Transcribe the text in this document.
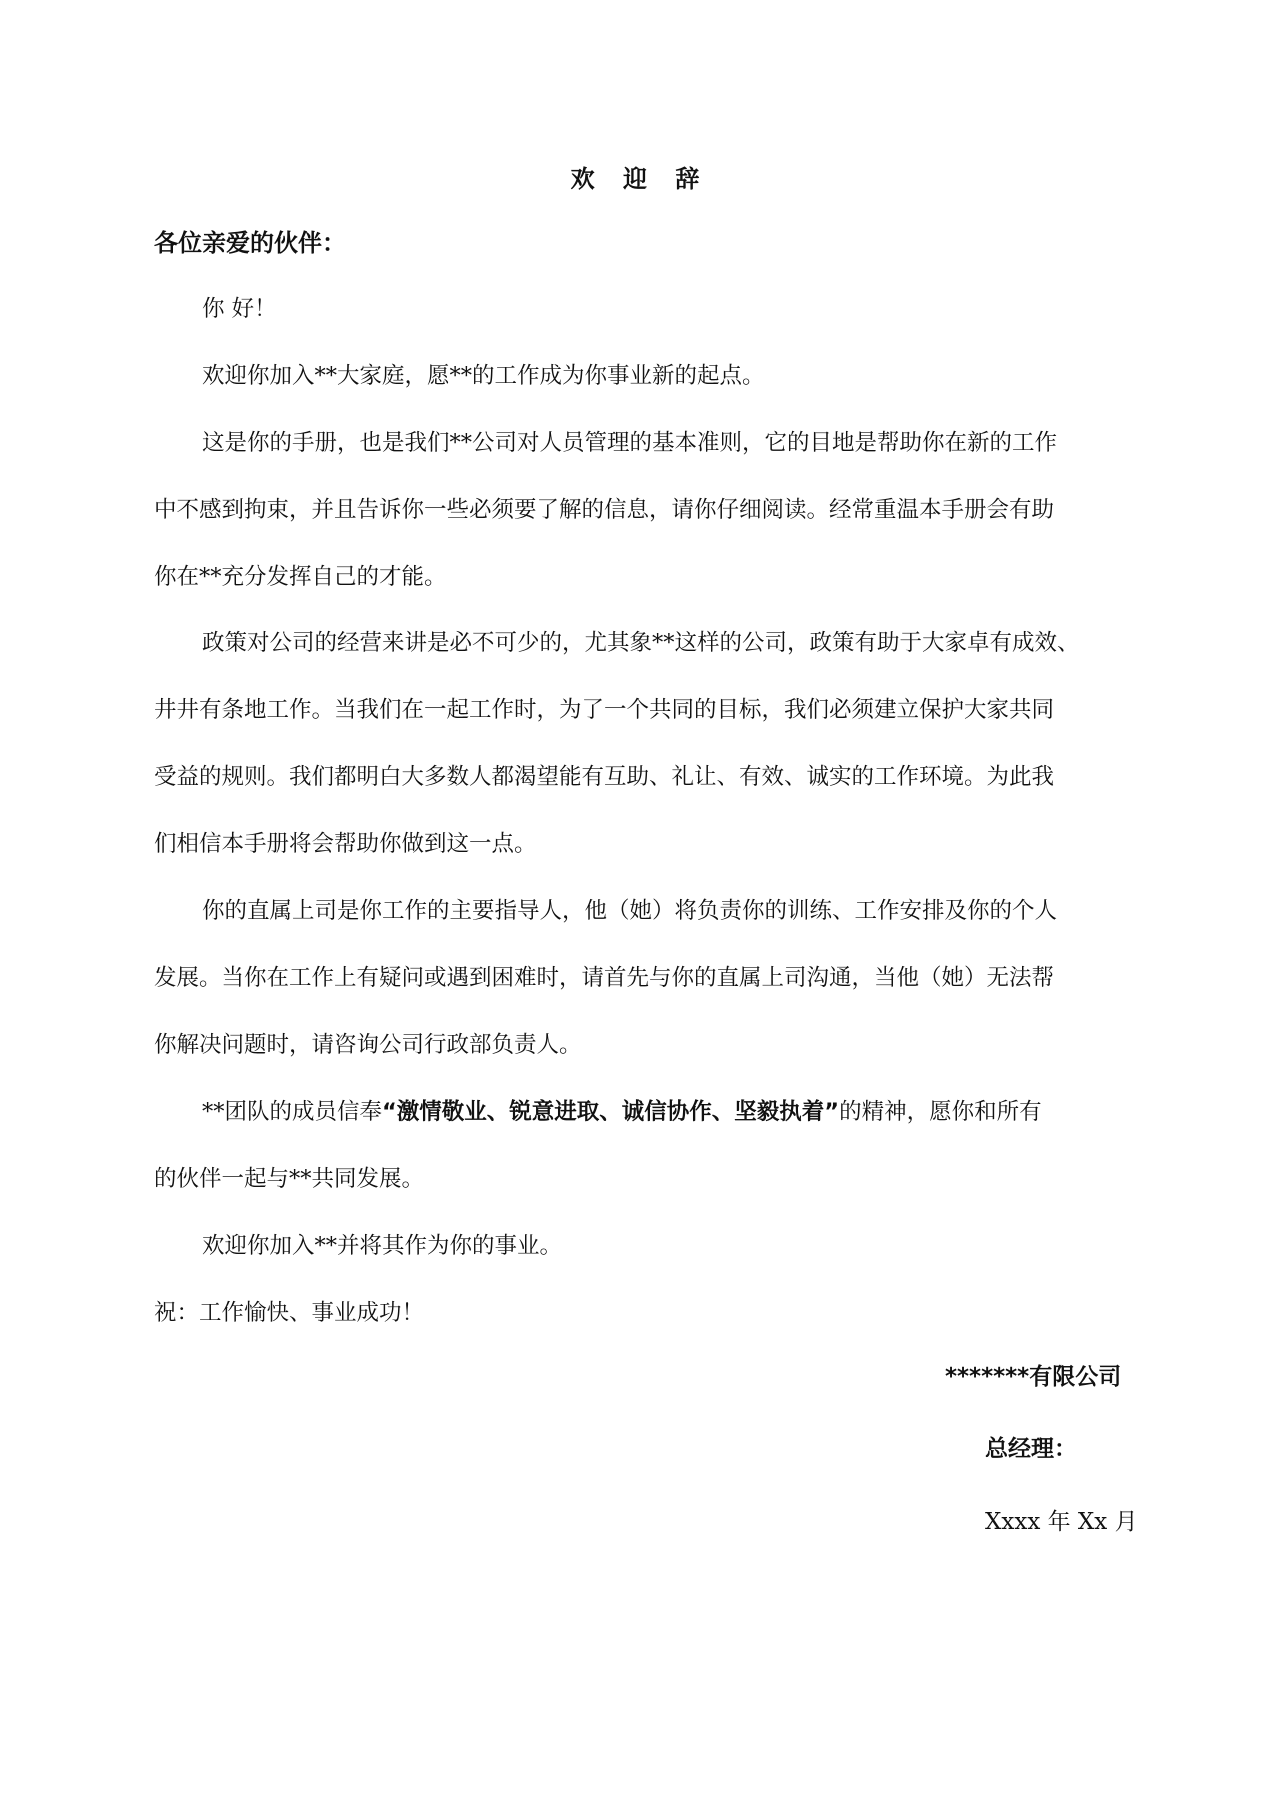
欢 迎 辞
各位亲爱的伙伴：

你 好！

欢迎你加入**大家庭，愿**的工作成为你事业新的起点。

这是你的手册，也是我们**公司对人员管理的基本准则，它的目地是帮助你在新的工作
中不感到拘束，并且告诉你一些必须要了解的信息，请你仔细阅读。经常重温本手册会有助
你在**充分发挥自己的才能。

政策对公司的经营来讲是必不可少的，尤其象**这样的公司，政策有助于大家卓有成效、
井井有条地工作。当我们在一起工作时，为了一个共同的目标，我们必须建立保护大家共同
受益的规则。我们都明白大多数人都渴望能有互助、礼让、有效、诚实的工作环境。为此我
们相信本手册将会帮助你做到这一点。

你的直属上司是你工作的主要指导人，他（她）将负责你的训练、工作安排及你的个人
发展。当你在工作上有疑问或遇到困难时，请首先与你的直属上司沟通，当他（她）无法帮
你解决问题时，请咨询公司行政部负责人。

**团队的成员信奉“激情敬业、锐意进取、诚信协作、坚毅执着”的精神，愿你和所有
的伙伴一起与**共同发展。

欢迎你加入**并将其作为你的事业。

祝：工作愉快、事业成功！
*******有限公司
总经理：
Xxxx 年 Xx 月
